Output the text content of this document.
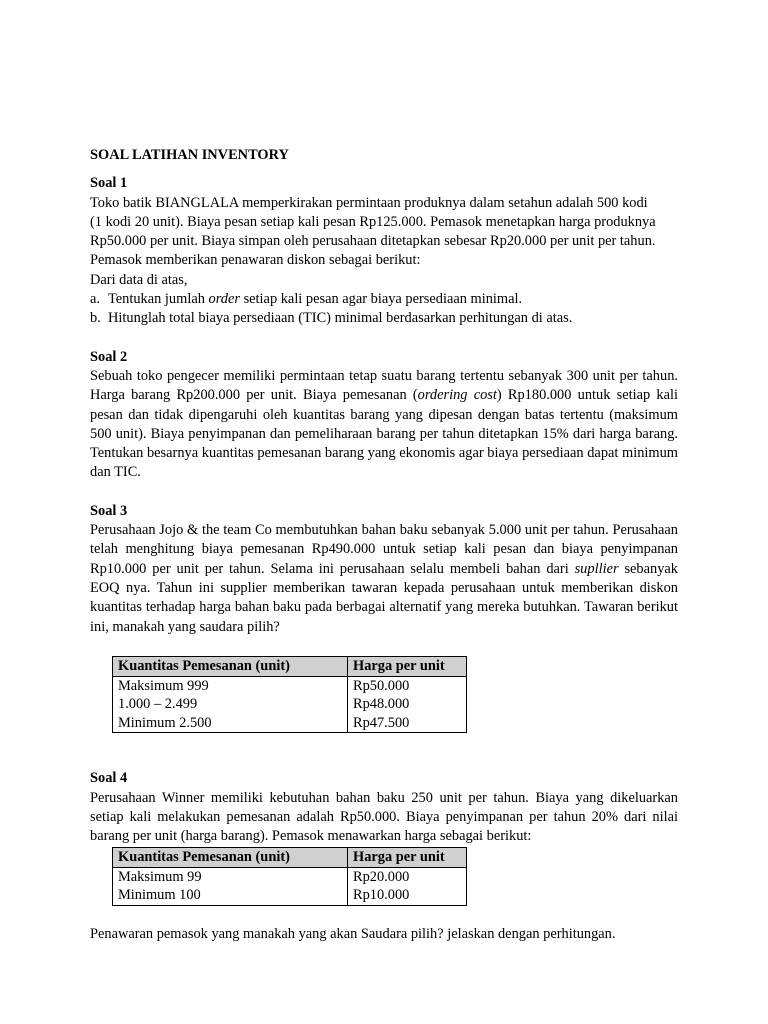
SOAL LATIHAN INVENTORY

Soal 1

Toko batik BIANGLALA memperkirakan permintaan produknya dalam setahun adalah 500 kodi

(1 kodi 20 unit). Biaya pesan setiap kali pesan Rp125.000. Pemasok menetapkan harga produknya

Rp50.000 per unit. Biaya simpan oleh perusahaan ditetapkan sebesar Rp20.000 per unit per tahun.

Pemasok memberikan penawaran diskon sebagai berikut:

Dari data di atas,

a. Tentukan jumlah order setiap kali pesan agar biaya persediaan minimal.

b. Hitunglah total biaya persediaan (TIC) minimal berdasarkan perhitungan di atas.

Soal 2

Sebuah toko pengecer memiliki permintaan tetap suatu barang tertentu sebanyak 300 unit per tahun. Harga barang Rp200.000 per unit. Biaya pemesanan (ordering cost) Rp180.000 untuk setiap kali pesan dan tidak dipengaruhi oleh kuantitas barang yang dipesan dengan batas tertentu (maksimum 500 unit). Biaya penyimpanan dan pemeliharaan barang per tahun ditetapkan 15% dari harga barang. Tentukan besarnya kuantitas pemesanan barang yang ekonomis agar biaya persediaan dapat minimum dan TIC.

Soal 3

Perusahaan Jojo & the team Co membutuhkan bahan baku sebanyak 5.000 unit per tahun. Perusahaan telah menghitung biaya pemesanan Rp490.000 untuk setiap kali pesan dan biaya penyimpanan Rp10.000 per unit per tahun. Selama ini perusahaan selalu membeli bahan dari supllier sebanyak EOQ nya. Tahun ini supplier memberikan tawaran kepada perusahaan untuk memberikan diskon kuantitas terhadap harga bahan baku pada berbagai alternatif yang mereka butuhkan. Tawaran berikut ini, manakah yang saudara pilih?

Kuantitas Pemesanan (unit)	Harga per unit
Maksimum 999	Rp50.000
1.000 – 2.499	Rp48.000
Minimum 2.500	Rp47.500

Soal 4

Perusahaan Winner memiliki kebutuhan bahan baku 250 unit per tahun. Biaya yang dikeluarkan setiap kali melakukan pemesanan adalah Rp50.000. Biaya penyimpanan per tahun 20% dari nilai barang per unit (harga barang). Pemasok menawarkan harga sebagai berikut:

Kuantitas Pemesanan (unit)	Harga per unit
Maksimum 99	Rp20.000
Minimum 100	Rp10.000

Penawaran pemasok yang manakah yang akan Saudara pilih? jelaskan dengan perhitungan.
